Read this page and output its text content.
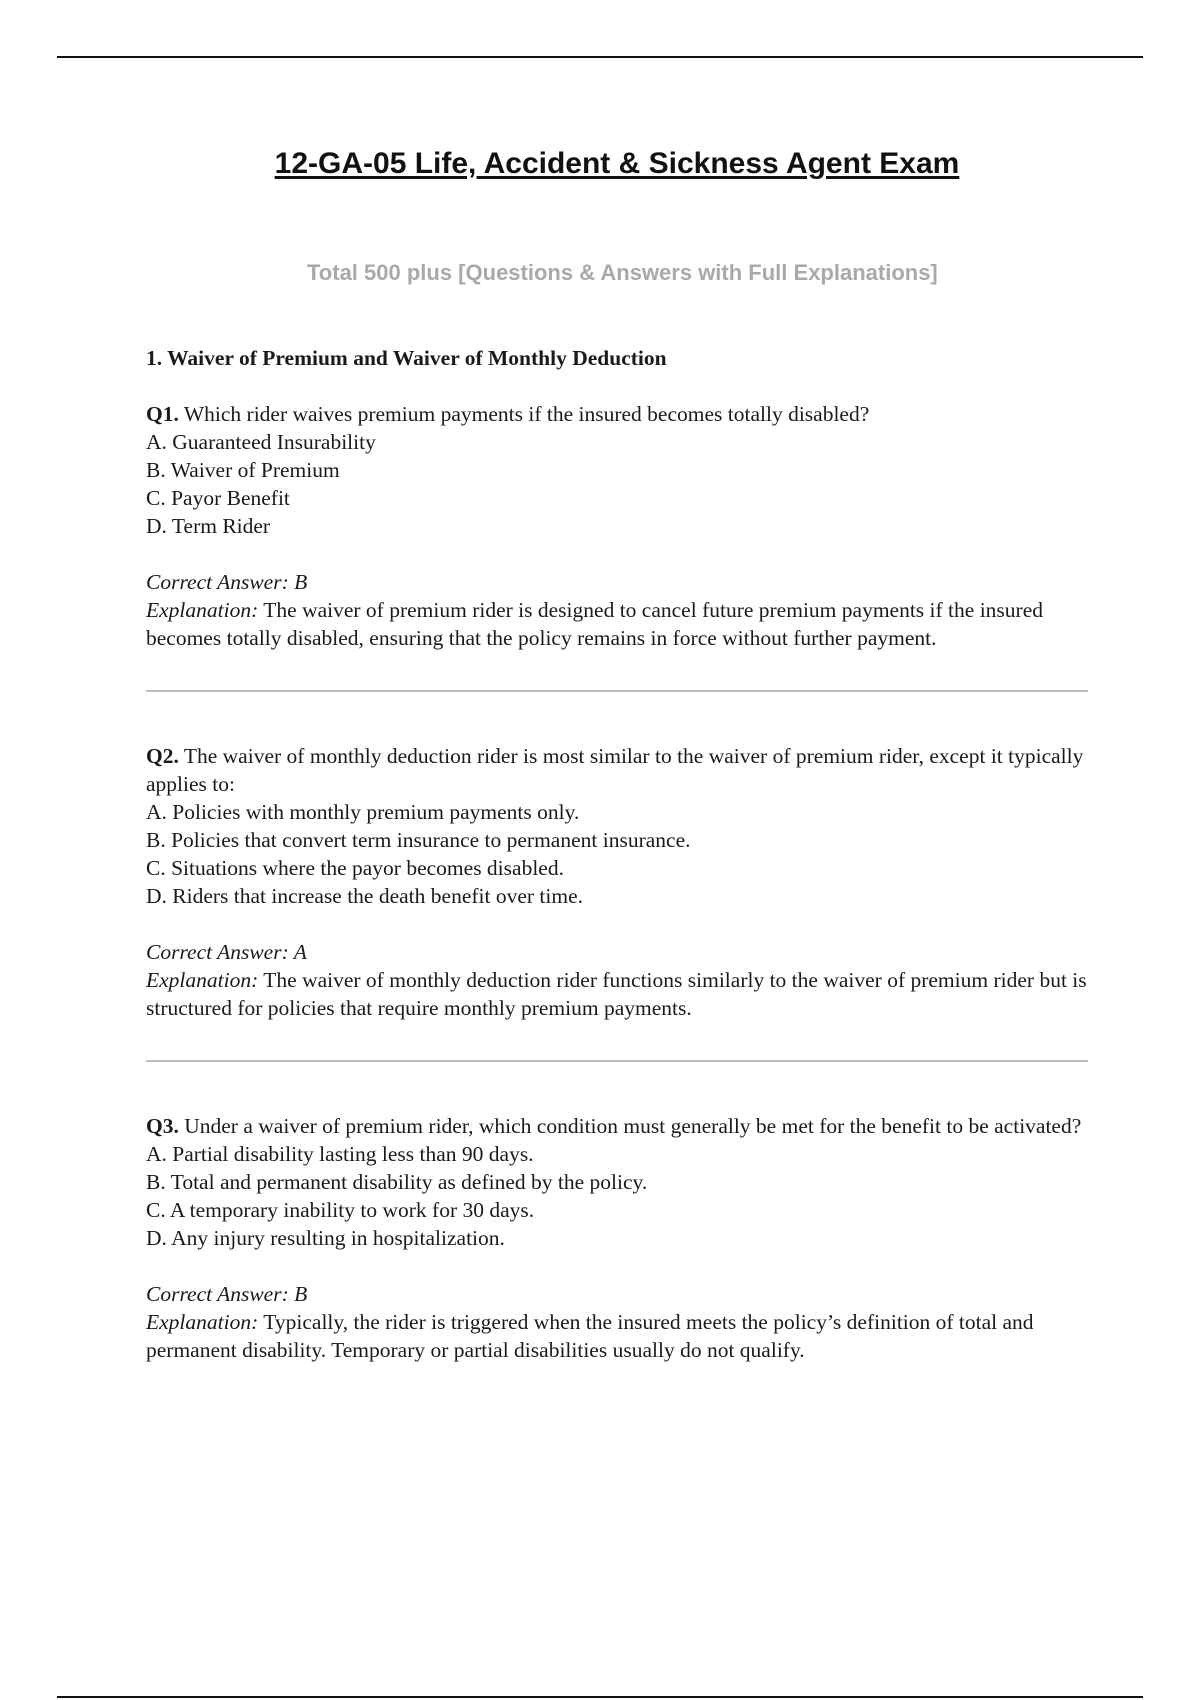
12-GA-05 Life, Accident & Sickness Agent Exam
Total 500 plus [Questions & Answers with Full Explanations]
1. Waiver of Premium and Waiver of Monthly Deduction

Q1. Which rider waives premium payments if the insured becomes totally disabled?

A. Guaranteed Insurability
B. Waiver of Premium
C. Payor Benefit
D. Term Rider

Correct Answer: B

Explanation: The waiver of premium rider is designed to cancel future premium payments if the insured becomes totally disabled, ensuring that the policy remains in force without further payment.

Q2. The waiver of monthly deduction rider is most similar to the waiver of premium rider, except it typically applies to:

A. Policies with monthly premium payments only.
B. Policies that convert term insurance to permanent insurance.
C. Situations where the payor becomes disabled.
D. Riders that increase the death benefit over time.

Correct Answer: A

Explanation: The waiver of monthly deduction rider functions similarly to the waiver of premium rider but is structured for policies that require monthly premium payments.

Q3. Under a waiver of premium rider, which condition must generally be met for the benefit to be activated?

A. Partial disability lasting less than 90 days.
B. Total and permanent disability as defined by the policy.
C. A temporary inability to work for 30 days.
D. Any injury resulting in hospitalization.

Correct Answer: B

Explanation: Typically, the rider is triggered when the insured meets the policy’s definition of total and permanent disability. Temporary or partial disabilities usually do not qualify.
